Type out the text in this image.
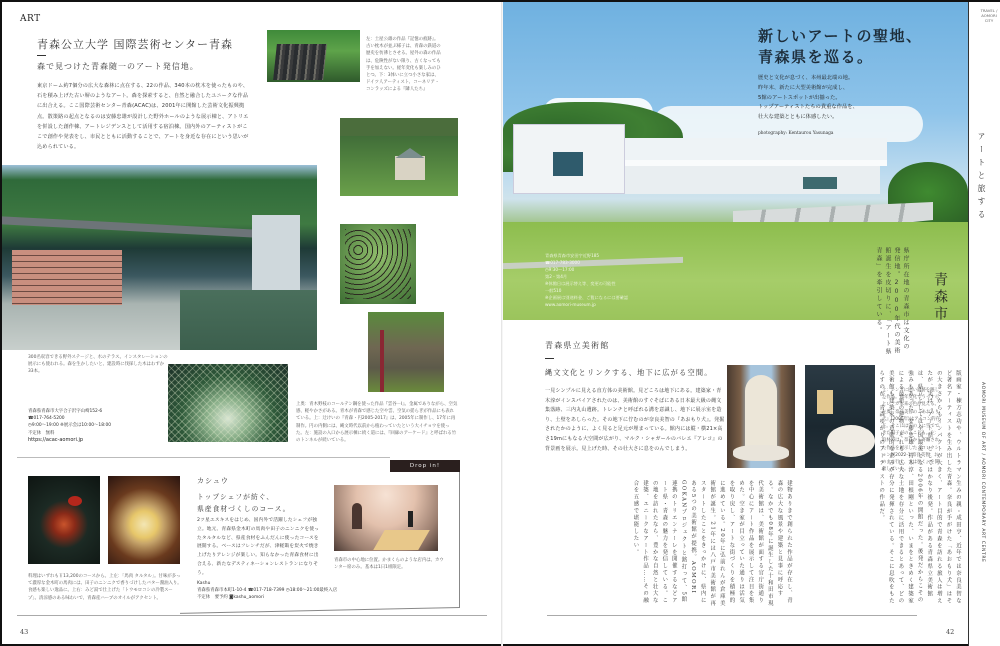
ART
青森公立大学 国際芸術センター青森
森で見つけた青森随一のアート発信地。
東京ドーム約7個分の広大な森林に点在する、22の作品、340本の枕木を使ったものや、石を積み上げた古い塀のようなアート。森を探索すると、自然と融合したユニークな作品に出合える。ここ国際芸術センター青森(ACAC)は、2001年に開館した芸術文化振興拠点。散策路の起点となるのは安藤忠雄が設計した野外ホールのような展示棟と、アトリエを併設した創作棟、アートレジデンスとして活用する宿泊棟。国内外のアーティストがここで創作や発表をし、市民とともに活動することで、アートを身近な存在にという思いが込められている。
左：土屋公雄の作品『記憶の痕跡』。古い枕木が並ぶ様子は、青森の鉄道の歴史を彷彿とさせる。屋外の森の作品は、危険性がない限り、古くなっても手を加えない。経年変化も楽しみのひとつ。下：3体いに立つ小さな家は、ドイツ人アーティスト、コーネリア・コンラッズによる『隣人たち』
300名収容できる野外ステージと、水のテラス。インスタレーションの展示にも使われる。森を生かしたいと、建設時に伐採した木はわずか33本。
上奥：青木野枝のコールテン鋼を使った作品『雲谷－Ⅰ』。金属でありながら、空気感、軽やかさがある。青木が青森で感じた空や雲、空気の揺らぎが作品にも表れている。上：辻けいの『青森・円2005-2017』は、2005年に制作し、17年に再制作。円の内側には、縄文時代以前から植わっていたという大イチョウを使った。左：施設の入口から展示棟に続く道には、『回廊のアーケード』と呼ばれる竹のトンネルが続いている。
青森県青森市大字合子沢字山崎152-6
☎017-764-5200
◷9:00～19:00 ※展示会は10:00～18:00
不定休　無料
https://acac-aomori.jp
Drop in!
料理はいずれも￥13,200のコースから。上左：「馬肉 タルタル」。甘味が多って濃厚な金木町の馬肉には、田子のニンニクで香りづけしたバター醤油入り。食感も楽しい逸品に。上右：みど湯で仕上げた「トウモロコシの冷製スープ」。清涼感のある味わいで、青森産ハーブのオイルがアクセント。
カシュウ
トップシェフが紡ぐ、
県産食材づくしのコース。
2ツ星エスキスをはじめ、国内外で活躍したシェフが独立。地元、青森県金木町の馬肉や田子のニンニクを使ったタルタルなど、県産食材をふんだんに使ったコースを展開する。ベースはフレンチだが、津軽鶏を炭火で焼き上げたりアレンジが楽しい。知らなかった青森食材に出合える、新たなデスティネーションレストランになりそう。
青森市の中心地に位置。かまくらのような店内は、カウンター席のみ。基本は1日1組限定。
Kashu
青森県青森市本町1-10-4 ☎017-718-7399 ◷18:00～21:00最終入店
不定休　要予約 ◙kashu_aomori
43
新しいアートの聖地、
青森県を巡る。
歴史と文化が息づく、本州最北端の地。
昨年末、新たに大型美術館が完成し、
5館のアートスポットが出揃った。
トップアーティストたちの貴重な作品を、
壮大な建築とともに体感したい。
photography: Kentaurou Yasunaga
青森県青森市安田字近野185
☎017-783-3000
◷9:30～17:00
第2・第4月
※休館日は展示替え等、変更の可能性
一般510
※企画展は別途料金、ご覧になるには要確認
www.aomori-museum.jp	県庁所在地の青森市は文化の発信地。2000年代の美術館誕生を皮切りに、「アート県青森」を牽引している。	青森市
青森県立美術館
縄文文化とリンクする、地下に広がる空間。
一見シンプルに見える直方体の美術館。見どころは地下にある。建築家・青木淳がインスパイアされたのは、美術館のすぐそばにある日本最大級の縄文集落跡、三内丸山遺跡。トレンチと呼ばれる溝を意識し、地下に展示室を造り、土壁をあしらった。その地下に佇むのが奈良美智の『あおもり犬』。発掘されたかのように、よく見ると足元が埋まっている。館内には縦・横21×高さ19mにもなる大空間が広がり、マルク・シャガールのバレエ『アレコ』の背景画を展示。見上げた時、その壮大さに息をのんでしまう。
上：レンガに囲い遺跡を眺した作品。経年変化でうっすらとレンガ本来の色が見える。左奥：奈良美智の『あおもり犬』(2005年)はアイコン的存在。そこには雪の上に雪でできた帽子がのることも。左：取材時は、奈良から寄贈された作品を展示した『コレクション展2022-1 奈良美智：おのまま行く、さは行く』を開催していた。
建物ありきで創られた作品が存在し、青森の広大な風景や建築と見事に呼応する。なかでも08年に誕生した十和田市現代美術館は、美術館が面する官庁街通りを中心にアート作品を展示して注目を集めた。空き家が目立っていた通りは活気を取り戻し、アートな街づくりを積極的に進めている。20年に弘前れんが倉庫美術館が誕生。21年には八戸市美術館が再スタートしたことをきっかけに、県内にある5つの美術館が提携。AOMORI GOKANプロジェクトと銘打って、5館連携のトリエンナーレを開催するなどアート県・青森の魅力を発信している。この地を訪れたなら、豊かな自然と壮大な建築、ユニークなアート作品……その融合を五感で堪能したい。	版画家・棟方志功や、ウルトラマン生みの親・成田亨、近年では奈良美智など著名アーティストを生み出した青森。奈良が手がけた「あおもり犬」はその大きさからもインパクトが大きく、アート目的で青森を訪れる旅人は増えたが、実は〝アート県〟としてはかなり後発。作品がある青森県立美術館は、県立としては全国最後となる2006年の開館だった。後発だからこその強みもあった。安藤忠雄、青木淳、田根剛といった、いまをときめく建築家による最新の建物。それも、広大な土地を存分に活用できるとあって、どの美術館も建築家の意欲的な企みが存分に発揮されている。そこに息吹をもたらすのが、青森ゆかりのアーティストの作品だ。
42
TRAVEL / AOMORI CITY
アートと旅する
AOMORI MUSEUM OF ART / AOMORI CONTEMPORARY ART CENTRE
